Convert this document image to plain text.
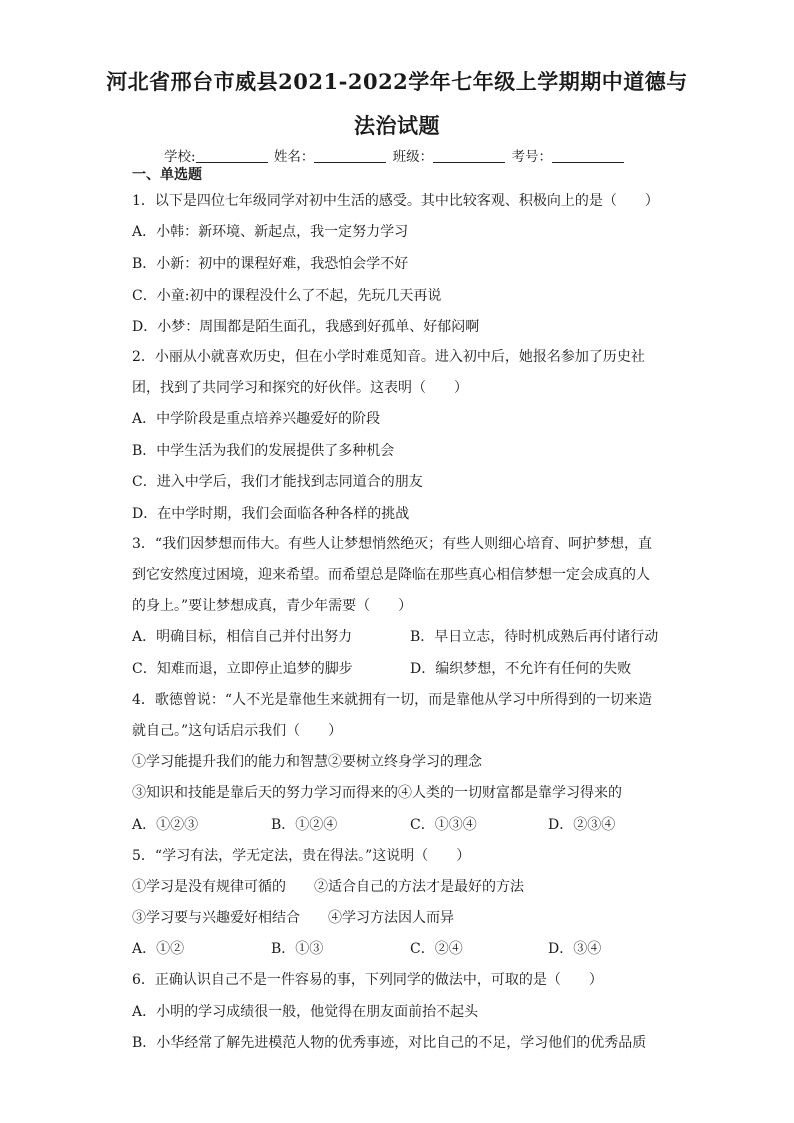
河北省邢台市威县2021-2022学年七年级上学期期中道德与
法治试题
学校:	姓名：	班级：	考号：
一、单选题
1．以下是四位七年级同学对初中生活的感受。其中比较客观、积极向上的是（　　）
A．小韩：新环境、新起点，我一定努力学习
B．小新：初中的课程好难，我恐怕会学不好
C．小童:初中的课程没什么了不起，先玩几天再说
D．小梦：周围都是陌生面孔，我感到好孤单、好郁闷啊
2．小丽从小就喜欢历史，但在小学时难觅知音。进入初中后，她报名参加了历史社
团，找到了共同学习和探究的好伙伴。这表明（　　）
A．中学阶段是重点培养兴趣爱好的阶段
B．中学生活为我们的发展提供了多种机会
C．进入中学后，我们才能找到志同道合的朋友
D．在中学时期，我们会面临各种各样的挑战
3．“我们因梦想而伟大。有些人让梦想悄然绝灭；有些人则细心培育、呵护梦想，直
到它安然度过困境，迎来希望。而希望总是降临在那些真心相信梦想一定会成真的人
的身上。”要让梦想成真，青少年需要（　　）
A．明确目标，相信自己并付出努力	B．早日立志，待时机成熟后再付诸行动
C．知难而退，立即停止追梦的脚步	D．编织梦想，不允许有任何的失败
4．歌德曾说：“人不光是靠他生来就拥有一切，而是靠他从学习中所得到的一切来造
就自己。”这句话启示我们（　　）
①学习能提升我们的能力和智慧②要树立终身学习的理念
③知识和技能是靠后天的努力学习而得来的④人类的一切财富都是靠学习得来的
A．①②③	B．①②④	C．①③④	D．②③④
5．“学习有法，学无定法，贵在得法。”这说明（　　）
①学习是没有规律可循的　　②适合自己的方法才是最好的方法
③学习要与兴趣爱好相结合　　④学习方法因人而异
A．①②	B．①③	C．②④	D．③④
6．正确认识自己不是一件容易的事，下列同学的做法中，可取的是（　　）
A．小明的学习成绩很一般，他觉得在朋友面前抬不起头
B．小华经常了解先进模范人物的优秀事迹，对比自己的不足，学习他们的优秀品质
